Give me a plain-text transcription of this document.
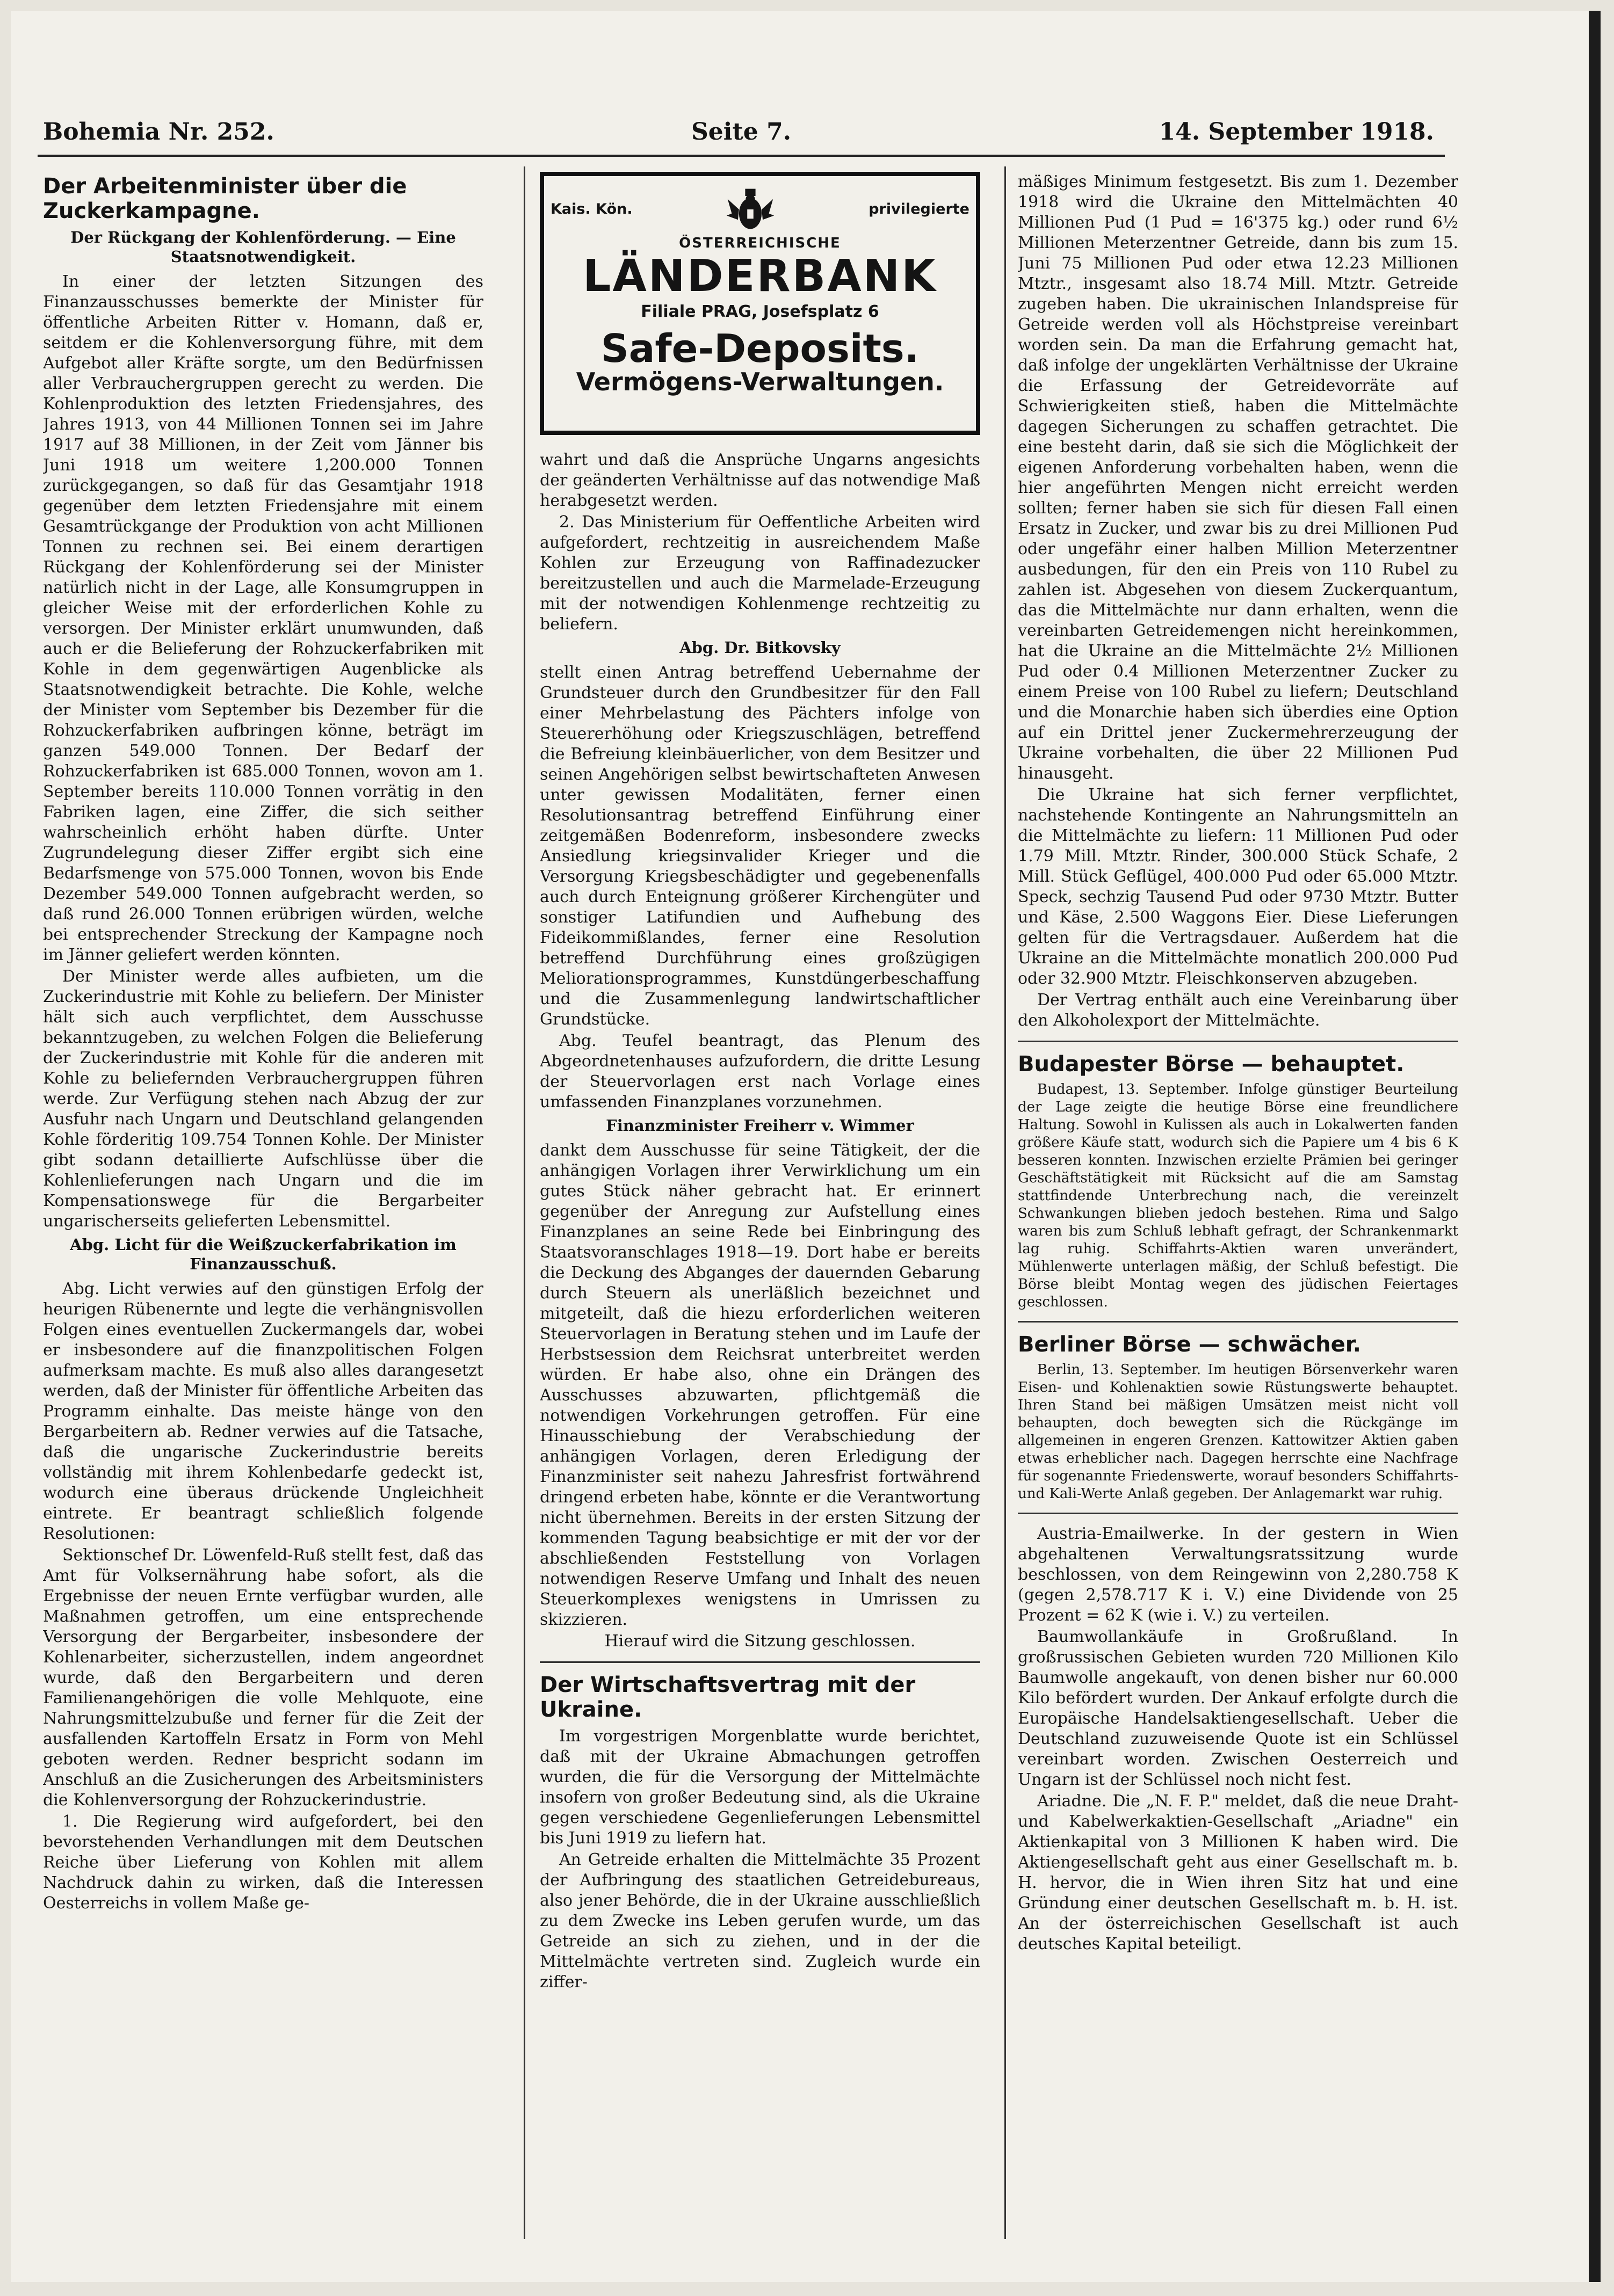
Bohemia Nr. 252.	Seite 7.	14. September 1918.
Der Arbeitenminister über die Zuckerkampagne.
Der Rückgang der Kohlenförderung. — Eine Staatsnotwendigkeit.

In einer der letzten Sitzungen des Finanzausschusses bemerkte der Minister für öffentliche Arbeiten Ritter v. Homann, daß er, seitdem er die Kohlenversorgung führe, mit dem Aufgebot aller Kräfte sorgte, um den Bedürfnissen aller Verbrauchergruppen gerecht zu werden. Die Kohlenproduktion des letzten Friedensjahres, des Jahres 1913, von 44 Millionen Tonnen sei im Jahre 1917 auf 38 Millionen, in der Zeit vom Jänner bis Juni 1918 um weitere 1,200.000 Tonnen zurückgegangen, so daß für das Gesamtjahr 1918 gegenüber dem letzten Friedensjahre mit einem Gesamtrückgange der Produktion von acht Millionen Tonnen zu rechnen sei. Bei einem derartigen Rückgang der Kohlenförderung sei der Minister natürlich nicht in der Lage, alle Konsumgruppen in gleicher Weise mit der erforderlichen Kohle zu versorgen. Der Minister erklärt unumwunden, daß auch er die Belieferung der Rohzuckerfabriken mit Kohle in dem gegenwärtigen Augenblicke als Staatsnotwendigkeit betrachte. Die Kohle, welche der Minister vom September bis Dezember für die Rohzuckerfabriken aufbringen könne, beträgt im ganzen 549.000 Tonnen. Der Bedarf der Rohzuckerfabriken ist 685.000 Tonnen, wovon am 1. September bereits 110.000 Tonnen vorrätig in den Fabriken lagen, eine Ziffer, die sich seither wahrscheinlich erhöht haben dürfte. Unter Zugrundelegung dieser Ziffer ergibt sich eine Bedarfsmenge von 575.000 Tonnen, wovon bis Ende Dezember 549.000 Tonnen aufgebracht werden, so daß rund 26.000 Tonnen erübrigen würden, welche bei entsprechender Streckung der Kampagne noch im Jänner geliefert werden könnten.

Der Minister werde alles aufbieten, um die Zuckerindustrie mit Kohle zu beliefern. Der Minister hält sich auch verpflichtet, dem Ausschusse bekanntzugeben, zu welchen Folgen die Belieferung der Zuckerindustrie mit Kohle für die anderen mit Kohle zu beliefernden Verbrauchergruppen führen werde. Zur Verfügung stehen nach Abzug der zur Ausfuhr nach Ungarn und Deutschland gelangenden Kohle förderitig 109.754 Tonnen Kohle. Der Minister gibt sodann detaillierte Aufschlüsse über die Kohlenlieferungen nach Ungarn und die im Kompensationswege für die Bergarbeiter ungarischerseits gelieferten Lebensmittel.

Abg. Licht für die Weißzuckerfabrikation im Finanzausschuß.

Abg. Licht verwies auf den günstigen Erfolg der heurigen Rübenernte und legte die verhängnisvollen Folgen eines eventuellen Zuckermangels dar, wobei er insbesondere auf die finanzpolitischen Folgen aufmerksam machte. Es muß also alles darangesetzt werden, daß der Minister für öffentliche Arbeiten das Programm einhalte. Das meiste hänge von den Bergarbeitern ab. Redner verwies auf die Tatsache, daß die ungarische Zuckerindustrie bereits vollständig mit ihrem Kohlenbedarfe gedeckt ist, wodurch eine überaus drückende Ungleichheit eintrete. Er beantragt schließlich folgende Resolutionen:

Sektionschef Dr. Löwenfeld-Ruß stellt fest, daß das Amt für Volksernährung habe sofort, als die Ergebnisse der neuen Ernte verfügbar wurden, alle Maßnahmen getroffen, um eine entsprechende Versorgung der Bergarbeiter, insbesondere der Kohlenarbeiter, sicherzustellen, indem angeordnet wurde, daß den Bergarbeitern und deren Familienangehörigen die volle Mehlquote, eine Nahrungsmittelzubuße und ferner für die Zeit der ausfallenden Kartoffeln Ersatz in Form von Mehl geboten werden. Redner bespricht sodann im Anschluß an die Zusicherungen des Arbeitsministers die Kohlenversorgung der Rohzuckerindustrie.

1. Die Regierung wird aufgefordert, bei den bevorstehenden Verhandlungen mit dem Deutschen Reiche über Lieferung von Kohlen mit allem Nachdruck dahin zu wirken, daß die Interessen Oesterreichs in vollem Maße ge-

Kais. Kön.	privilegierte
ÖSTERREICHISCHE
LÄNDERBANK
Filiale PRAG, Josefsplatz 6
Safe-Deposits.
Vermögens-Verwaltungen.

wahrt und daß die Ansprüche Ungarns angesichts der geänderten Verhältnisse auf das notwendige Maß herabgesetzt werden.

2. Das Ministerium für Oeffentliche Arbeiten wird aufgefordert, rechtzeitig in ausreichendem Maße Kohlen zur Erzeugung von Raffinadezucker bereitzustellen und auch die Marmelade-Erzeugung mit der notwendigen Kohlenmenge rechtzeitig zu beliefern.

Abg. Dr. Bitkovsky

stellt einen Antrag betreffend Uebernahme der Grundsteuer durch den Grundbesitzer für den Fall einer Mehrbelastung des Pächters infolge von Steuererhöhung oder Kriegszuschlägen, betreffend die Befreiung kleinbäuerlicher, von dem Besitzer und seinen Angehörigen selbst bewirtschafteten Anwesen unter gewissen Modalitäten, ferner einen Resolutionsantrag betreffend Einführung einer zeitgemäßen Bodenreform, insbesondere zwecks Ansiedlung kriegsinvalider Krieger und die Versorgung Kriegsbeschädigter und gegebenenfalls auch durch Enteignung größerer Kirchengüter und sonstiger Latifundien und Aufhebung des Fideikommißlandes, ferner eine Resolution betreffend Durchführung eines großzügigen Meliorationsprogrammes, Kunstdüngerbeschaffung und die Zusammenlegung landwirtschaftlicher Grundstücke.

Abg. Teufel beantragt, das Plenum des Abgeordnetenhauses aufzufordern, die dritte Lesung der Steuervorlagen erst nach Vorlage eines umfassenden Finanzplanes vorzunehmen.

Finanzminister Freiherr v. Wimmer

dankt dem Ausschusse für seine Tätigkeit, der die anhängigen Vorlagen ihrer Verwirklichung um ein gutes Stück näher gebracht hat. Er erinnert gegenüber der Anregung zur Aufstellung eines Finanzplanes an seine Rede bei Einbringung des Staatsvoranschlages 1918—19. Dort habe er bereits die Deckung des Abganges der dauernden Gebarung durch Steuern als unerläßlich bezeichnet und mitgeteilt, daß die hiezu erforderlichen weiteren Steuervorlagen in Beratung stehen und im Laufe der Herbstsession dem Reichsrat unterbreitet werden würden. Er habe also, ohne ein Drängen des Ausschusses abzuwarten, pflichtgemäß die notwendigen Vorkehrungen getroffen. Für eine Hinausschiebung der Verabschiedung der anhängigen Vorlagen, deren Erledigung der Finanzminister seit nahezu Jahresfrist fortwährend dringend erbeten habe, könnte er die Verantwortung nicht übernehmen. Bereits in der ersten Sitzung der kommenden Tagung beabsichtige er mit der vor der abschließenden Feststellung von Vorlagen notwendigen Reserve Umfang und Inhalt des neuen Steuerkomplexes wenigstens in Umrissen zu skizzieren.

Hierauf wird die Sitzung geschlossen.

Der Wirtschaftsvertrag mit der Ukraine.

Im vorgestrigen Morgenblatte wurde berichtet, daß mit der Ukraine Abmachungen getroffen wurden, die für die Versorgung der Mittelmächte insofern von großer Bedeutung sind, als die Ukraine gegen verschiedene Gegenlieferungen Lebensmittel bis Juni 1919 zu liefern hat.

An Getreide erhalten die Mittelmächte 35 Prozent der Aufbringung des staatlichen Getreidebureaus, also jener Behörde, die in der Ukraine ausschließlich zu dem Zwecke ins Leben gerufen wurde, um das Getreide an sich zu ziehen, und in der die Mittelmächte vertreten sind. Zugleich wurde ein ziffer-

mäßiges Minimum festgesetzt. Bis zum 1. Dezember 1918 wird die Ukraine den Mittelmächten 40 Millionen Pud (1 Pud = 16'375 kg.) oder rund 6½ Millionen Meterzentner Getreide, dann bis zum 15. Juni 75 Millionen Pud oder etwa 12.23 Millionen Mtztr., insgesamt also 18.74 Mill. Mtztr. Getreide zugeben haben. Die ukrainischen Inlandspreise für Getreide werden voll als Höchstpreise vereinbart worden sein. Da man die Erfahrung gemacht hat, daß infolge der ungeklärten Verhältnisse der Ukraine die Erfassung der Getreidevorräte auf Schwierigkeiten stieß, haben die Mittelmächte dagegen Sicherungen zu schaffen getrachtet. Die eine besteht darin, daß sie sich die Möglichkeit der eigenen Anforderung vorbehalten haben, wenn die hier angeführten Mengen nicht erreicht werden sollten; ferner haben sie sich für diesen Fall einen Ersatz in Zucker, und zwar bis zu drei Millionen Pud oder ungefähr einer halben Million Meterzentner ausbedungen, für den ein Preis von 110 Rubel zu zahlen ist. Abgesehen von diesem Zuckerquantum, das die Mittelmächte nur dann erhalten, wenn die vereinbarten Getreidemengen nicht hereinkommen, hat die Ukraine an die Mittelmächte 2½ Millionen Pud oder 0.4 Millionen Meterzentner Zucker zu einem Preise von 100 Rubel zu liefern; Deutschland und die Monarchie haben sich überdies eine Option auf ein Drittel jener Zuckermehrerzeugung der Ukraine vorbehalten, die über 22 Millionen Pud hinausgeht.

Die Ukraine hat sich ferner verpflichtet, nachstehende Kontingente an Nahrungsmitteln an die Mittelmächte zu liefern: 11 Millionen Pud oder 1.79 Mill. Mtztr. Rinder, 300.000 Stück Schafe, 2 Mill. Stück Geflügel, 400.000 Pud oder 65.000 Mtztr. Speck, sechzig Tausend Pud oder 9730 Mtztr. Butter und Käse, 2.500 Waggons Eier. Diese Lieferungen gelten für die Vertragsdauer. Außerdem hat die Ukraine an die Mittelmächte monatlich 200.000 Pud oder 32.900 Mtztr. Fleischkonserven abzugeben.

Der Vertrag enthält auch eine Vereinbarung über den Alkoholexport der Mittelmächte.

Budapester Börse — behauptet.

Budapest, 13. September. Infolge günstiger Beurteilung der Lage zeigte die heutige Börse eine freundlichere Haltung. Sowohl in Kulissen als auch in Lokalwerten fanden größere Käufe statt, wodurch sich die Papiere um 4 bis 6 K besseren konnten. Inzwischen erzielte Prämien bei geringer Geschäftstätigkeit mit Rücksicht auf die am Samstag stattfindende Unterbrechung nach, die vereinzelt Schwankungen blieben jedoch bestehen. Rima und Salgo waren bis zum Schluß lebhaft gefragt, der Schrankenmarkt lag ruhig. Schiffahrts-Aktien waren unverändert, Mühlenwerte unterlagen mäßig, der Schluß befestigt. Die Börse bleibt Montag wegen des jüdischen Feiertages geschlossen.

Berliner Börse — schwächer.

Berlin, 13. September. Im heutigen Börsenverkehr waren Eisen- und Kohlenaktien sowie Rüstungswerte behauptet. Ihren Stand bei mäßigen Umsätzen meist nicht voll behaupten, doch bewegten sich die Rückgänge im allgemeinen in engeren Grenzen. Kattowitzer Aktien gaben etwas erheblicher nach. Dagegen herrschte eine Nachfrage für sogenannte Friedenswerte, worauf besonders Schiffahrts- und Kali-Werte Anlaß gegeben. Der Anlagemarkt war ruhig.

Austria-Emailwerke. In der gestern in Wien abgehaltenen Verwaltungsratssitzung wurde beschlossen, von dem Reingewinn von 2,280.758 K (gegen 2,578.717 K i. V.) eine Dividende von 25 Prozent = 62 K (wie i. V.) zu verteilen.

Baumwollankäufe in Großrußland. In großrussischen Gebieten wurden 720 Millionen Kilo Baumwolle angekauft, von denen bisher nur 60.000 Kilo befördert wurden. Der Ankauf erfolgte durch die Europäische Handelsaktiengesellschaft. Ueber die Deutschland zuzuweisende Quote ist ein Schlüssel vereinbart worden. Zwischen Oesterreich und Ungarn ist der Schlüssel noch nicht fest.

Ariadne. Die „N. F. P." meldet, daß die neue Draht- und Kabelwerkaktien-Gesellschaft „Ariadne" ein Aktienkapital von 3 Millionen K haben wird. Die Aktiengesellschaft geht aus einer Gesellschaft m. b. H. hervor, die in Wien ihren Sitz hat und eine Gründung einer deutschen Gesellschaft m. b. H. ist. An der österreichischen Gesellschaft ist auch deutsches Kapital beteiligt.
